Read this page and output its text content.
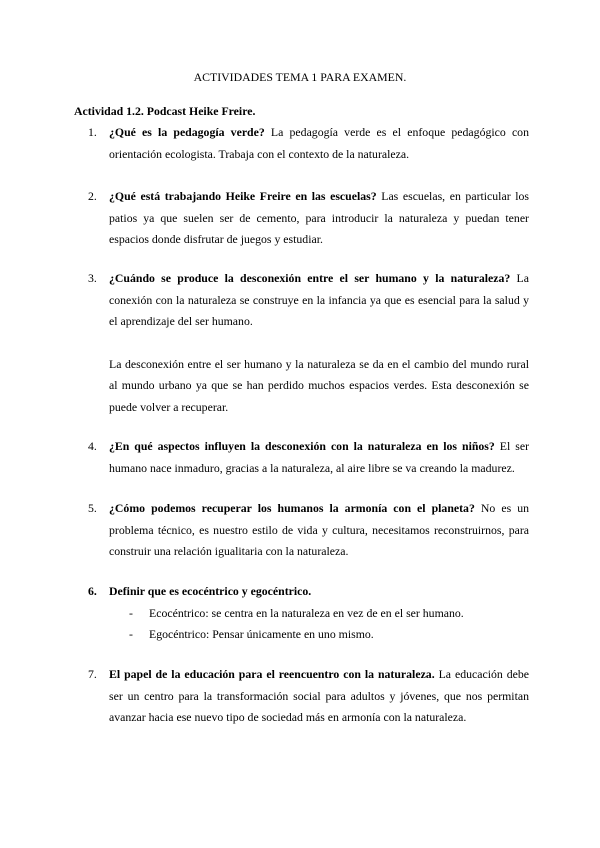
ACTIVIDADES TEMA 1 PARA EXAMEN.
Actividad 1.2. Podcast Heike Freire.
1. ¿Qué es la pedagogía verde? La pedagogía verde es el enfoque pedagógico con orientación ecologista. Trabaja con el contexto de la naturaleza.
2. ¿Qué está trabajando Heike Freire en las escuelas? Las escuelas, en particular los patios ya que suelen ser de cemento, para introducir la naturaleza y puedan tener espacios donde disfrutar de juegos y estudiar.
3. ¿Cuándo se produce la desconexión entre el ser humano y la naturaleza? La conexión con la naturaleza se construye en la infancia ya que es esencial para la salud y el aprendizaje del ser humano.
La desconexión entre el ser humano y la naturaleza se da en el cambio del mundo rural al mundo urbano ya que se han perdido muchos espacios verdes. Esta desconexión se puede volver a recuperar.
4. ¿En qué aspectos influyen la desconexión con la naturaleza en los niños? El ser humano nace inmaduro, gracias a la naturaleza, al aire libre se va creando la madurez.
5. ¿Cómo podemos recuperar los humanos la armonía con el planeta? No es un problema técnico, es nuestro estilo de vida y cultura, necesitamos reconstruirnos, para construir una relación igualitaria con la naturaleza.
6. Definir que es ecocéntrico y egocéntrico.
- Ecocéntrico: se centra en la naturaleza en vez de en el ser humano.
- Egocéntrico: Pensar únicamente en uno mismo.
7. El papel de la educación para el reencuentro con la naturaleza. La educación debe ser un centro para la transformación social para adultos y jóvenes, que nos permitan avanzar hacia ese nuevo tipo de sociedad más en armonía con la naturaleza.
